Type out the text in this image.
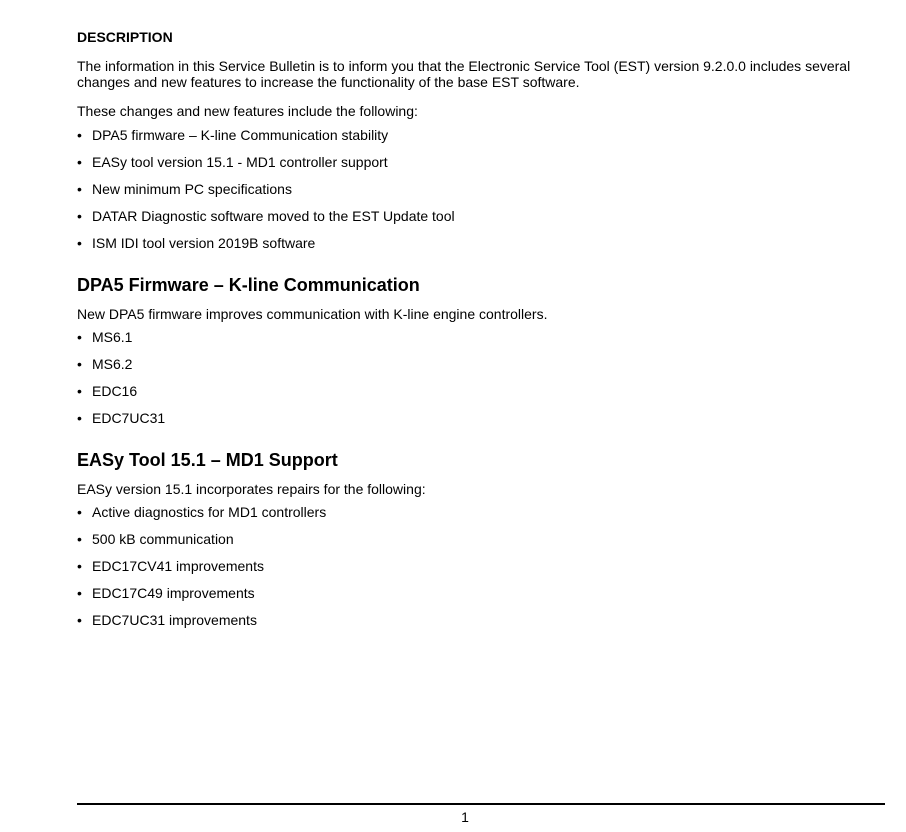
DESCRIPTION

The information in this Service Bulletin is to inform you that the Electronic Service Tool (EST) version 9.2.0.0 includes several changes and new features to increase the functionality of the base EST software.

These changes and new features include the following:

• DPA5 firmware – K-line Communication stability
• EASy tool version 15.1 - MD1 controller support
• New minimum PC specifications
• DATAR Diagnostic software moved to the EST Update tool
• ISM IDI tool version 2019B software
DPA5 Firmware – K-line Communication

New DPA5 firmware improves communication with K-line engine controllers.

• MS6.1
• MS6.2
• EDC16
• EDC7UC31
EASy Tool 15.1 – MD1 Support

EASy version 15.1 incorporates repairs for the following:

• Active diagnostics for MD1 controllers
• 500 kB communication
• EDC17CV41 improvements
• EDC17C49 improvements
• EDC7UC31 improvements
1
